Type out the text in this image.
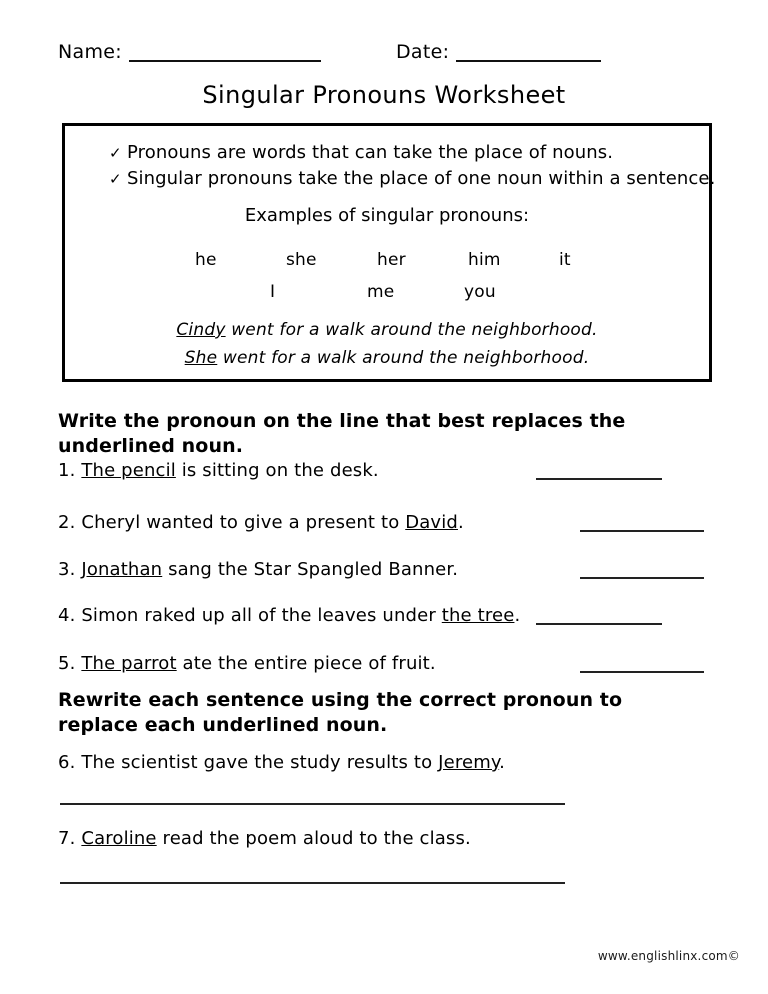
Name:	Date:
Singular Pronouns Worksheet
✓ Pronouns are words that can take the place of nouns.
✓ Singular pronouns take the place of one noun within a sentence.
Examples of singular pronouns:
he	she	her	him	it
I	me	you
Cindy went for a walk around the neighborhood.
She went for a walk around the neighborhood.
Write the pronoun on the line that best replaces the underlined noun.
1. The pencil is sitting on the desk.
2. Cheryl wanted to give a present to David.
3. Jonathan sang the Star Spangled Banner.
4. Simon raked up all of the leaves under the tree.
5. The parrot ate the entire piece of fruit.
Rewrite each sentence using the correct pronoun to replace each underlined noun.
6. The scientist gave the study results to Jeremy.
7. Caroline read the poem aloud to the class.
www.englishlinx.com©
